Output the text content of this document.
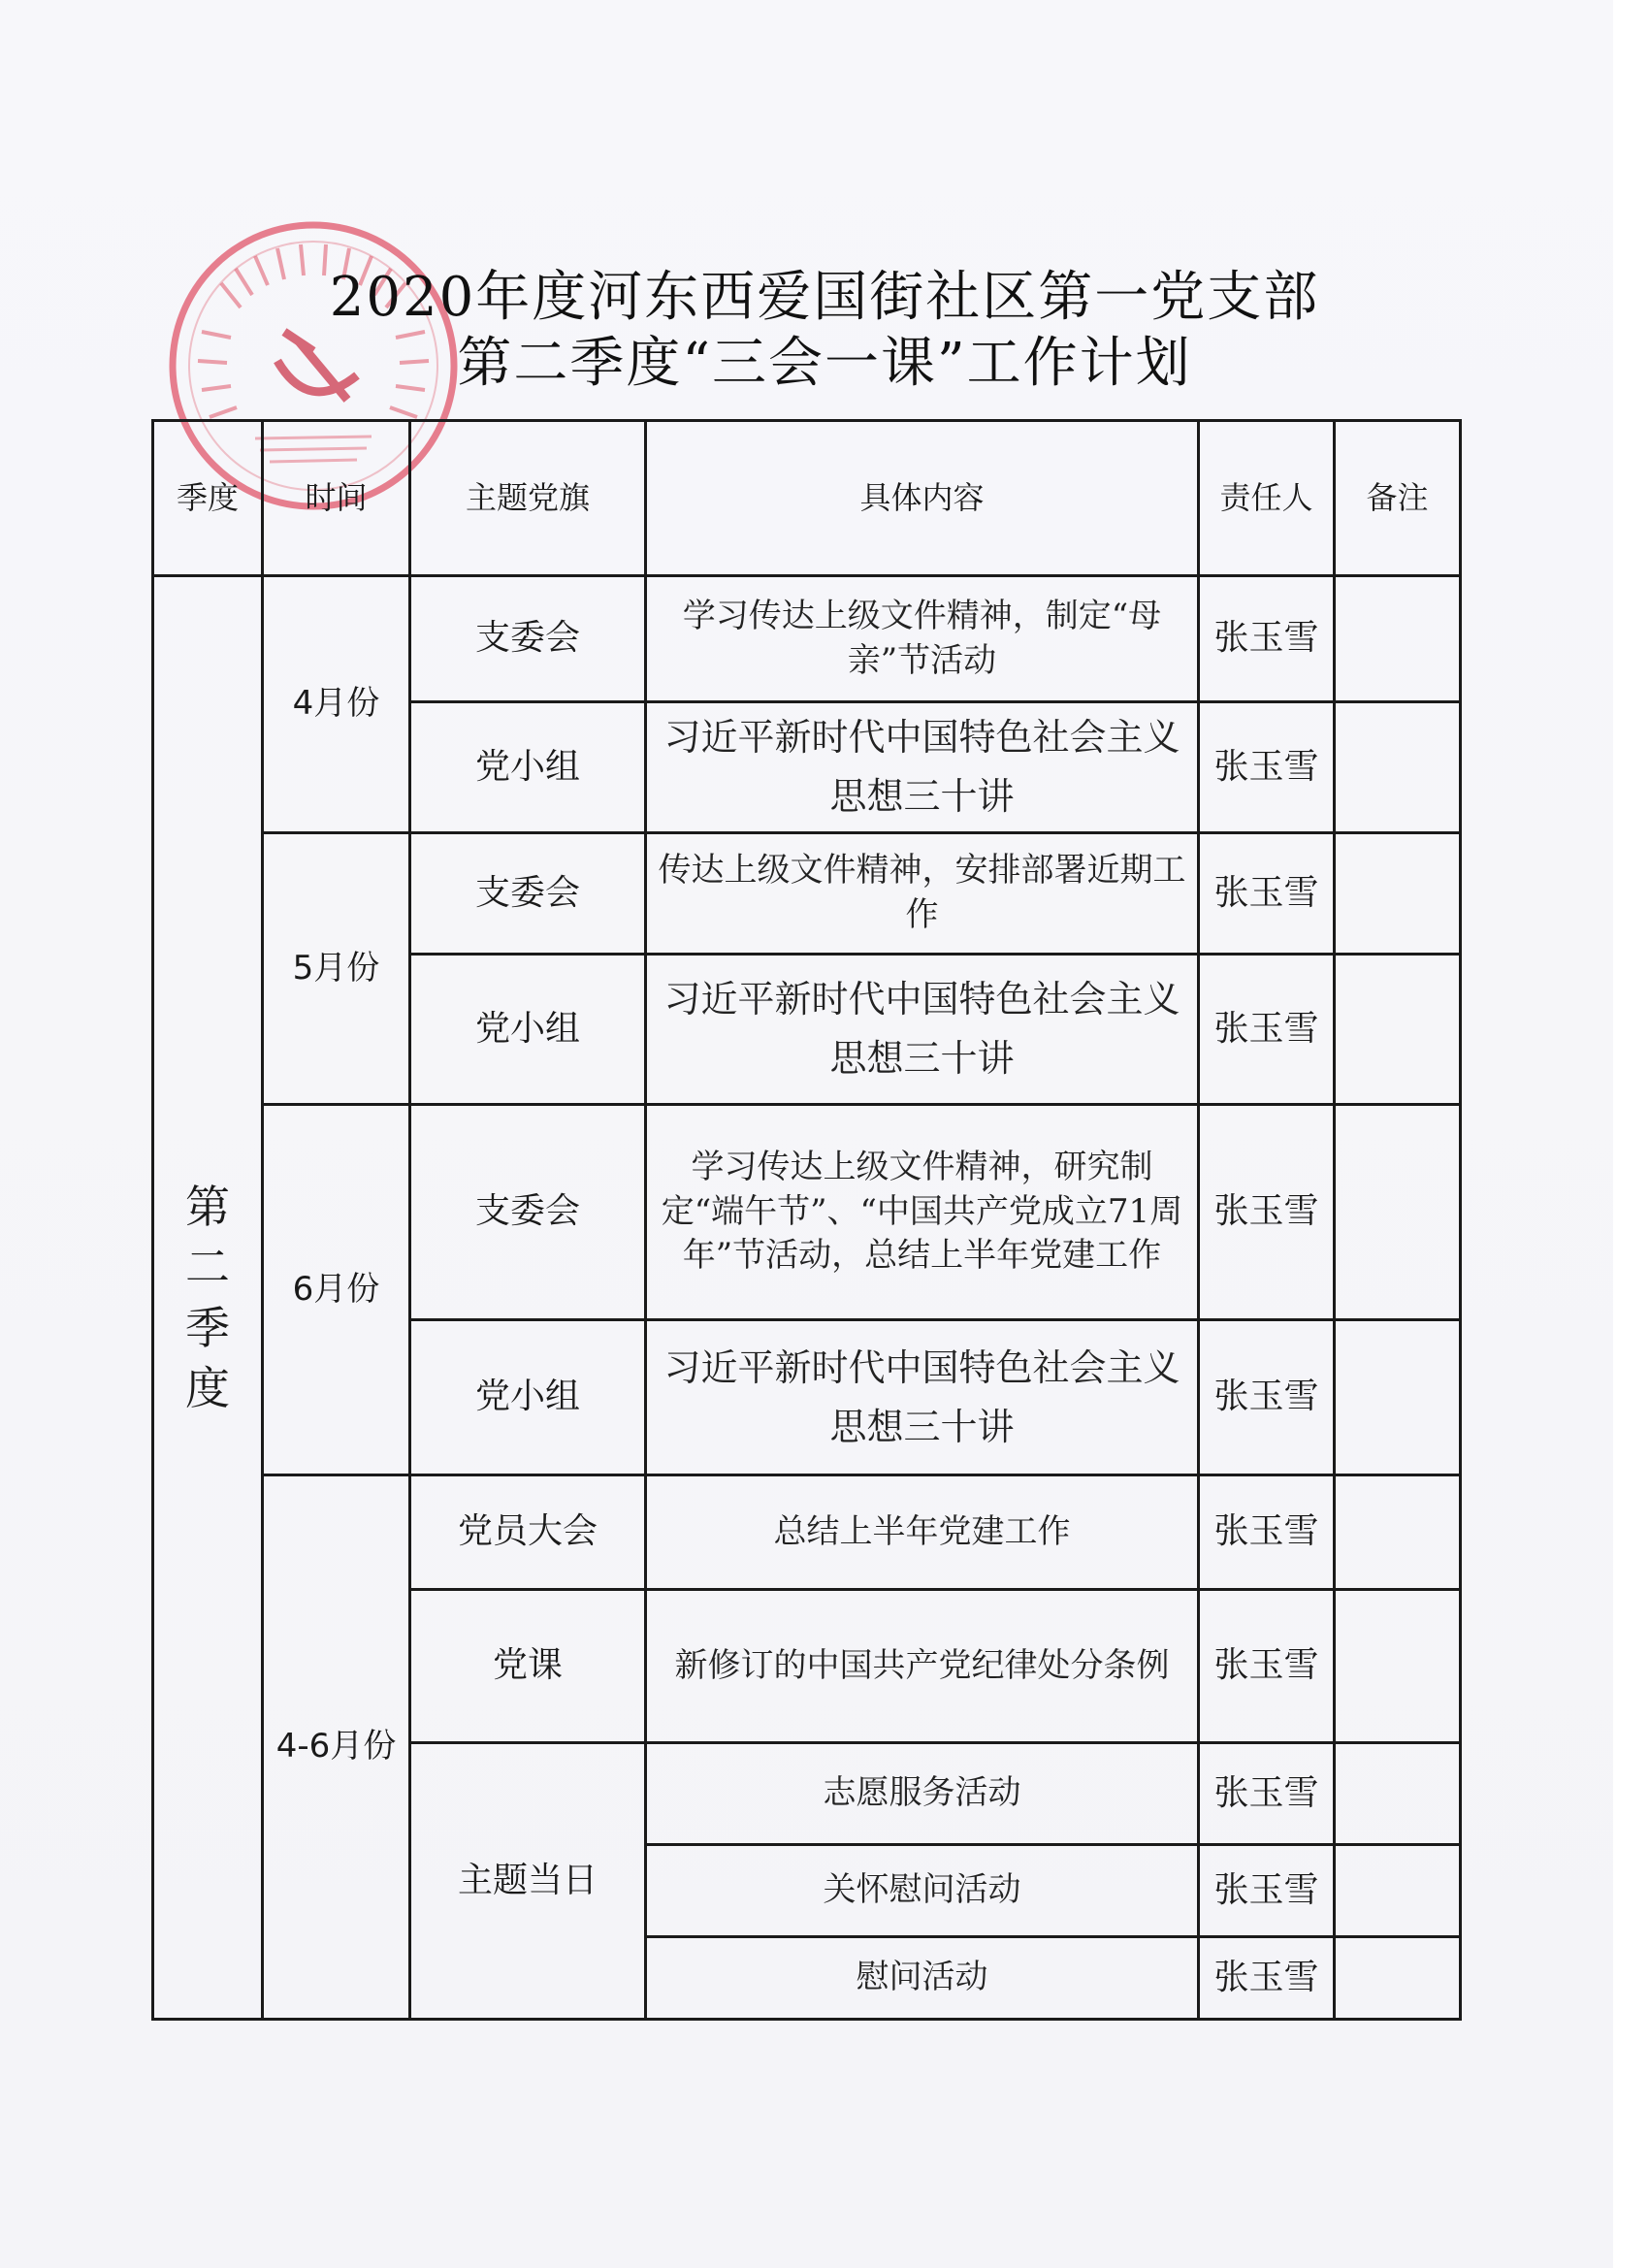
2020年度河东西爱国街社区第一党支部
第二季度“三会一课”工作计划
季度	时间	主题党旗	具体内容	责任人	备注

第
二
季
度	4月份	支委会	学习传达上级文件精神，制定“母亲”节活动	张玉雪	
		党小组	习近平新时代中国特色社会主义思想三十讲	张玉雪	
	5月份	支委会	传达上级文件精神，安排部署近期工作	张玉雪	
		党小组	习近平新时代中国特色社会主义思想三十讲	张玉雪	
	6月份	支委会	学习传达上级文件精神，研究制定“端午节”、“中国共产党成立71周年”节活动，总结上半年党建工作	张玉雪	
		党小组	习近平新时代中国特色社会主义思想三十讲	张玉雪	
	4-6月份	党员大会	总结上半年党建工作	张玉雪	
		党课	新修订的中国共产党纪律处分条例	张玉雪	
		主题当日	志愿服务活动	张玉雪	
			关怀慰问活动	张玉雪	
			慰问活动	张玉雪	
